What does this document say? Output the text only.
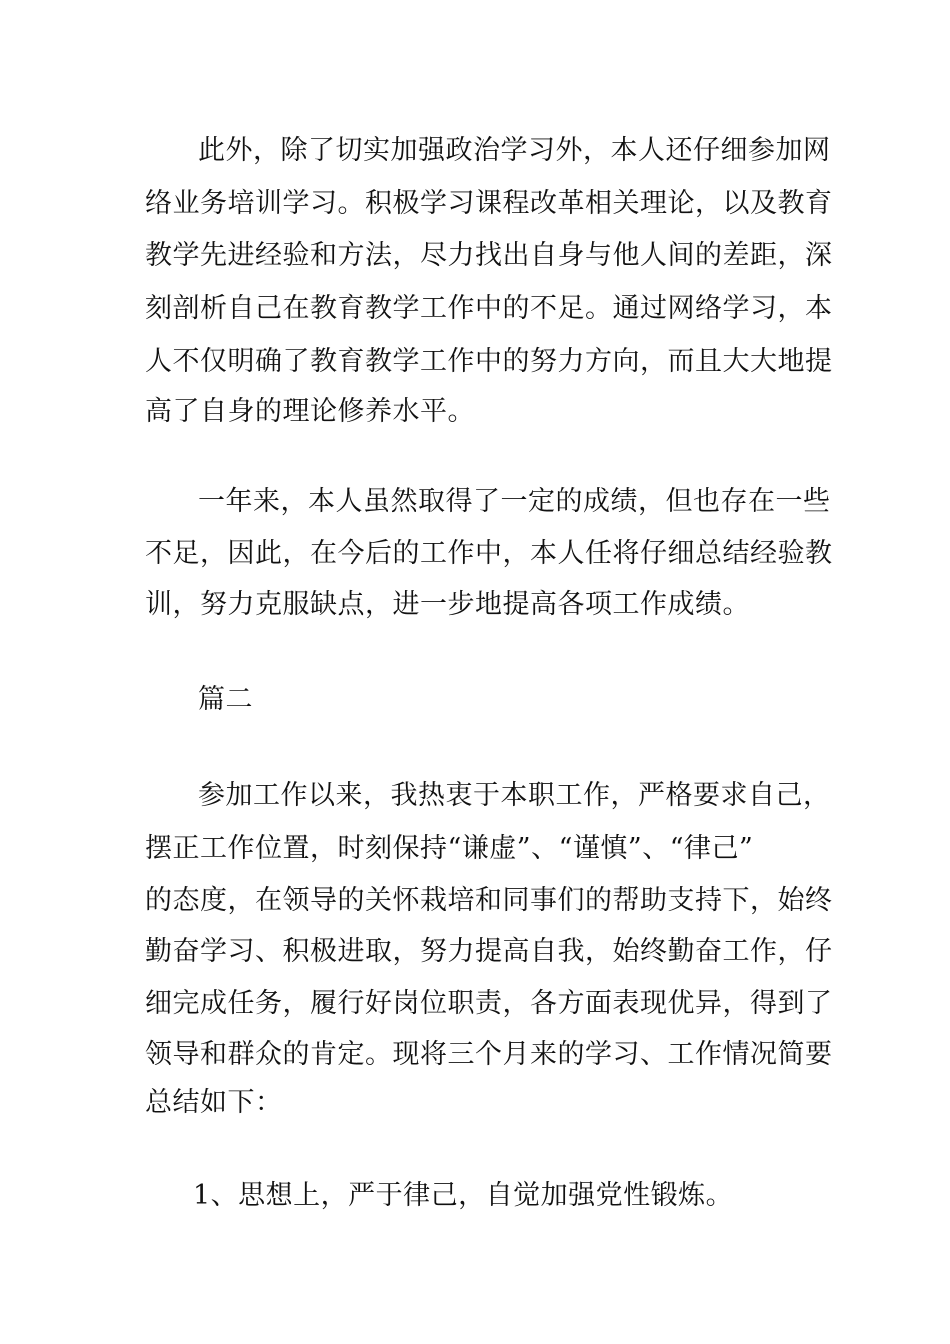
此外，除了切实加强政治学习外，本人还仔细参加网
络业务培训学习。积极学习课程改革相关理论，以及教育
教学先进经验和方法，尽力找出自身与他人间的差距，深
刻剖析自己在教育教学工作中的不足。通过网络学习，本
人不仅明确了教育教学工作中的努力方向，而且大大地提
高了自身的理论修养水平。
一年来，本人虽然取得了一定的成绩，但也存在一些
不足，因此，在今后的工作中，本人任将仔细总结经验教
训，努力克服缺点，进一步地提高各项工作成绩。
篇二
参加工作以来，我热衷于本职工作，严格要求自己，
摆正工作位置，时刻保持“谦虚”、“谨慎”、“律己”
的态度，在领导的关怀栽培和同事们的帮助支持下，始终
勤奋学习、积极进取，努力提高自我，始终勤奋工作，仔
细完成任务，履行好岗位职责，各方面表现优异，得到了
领导和群众的肯定。现将三个月来的学习、工作情况简要
总结如下：
1、思想上，严于律己，自觉加强党性锻炼。
